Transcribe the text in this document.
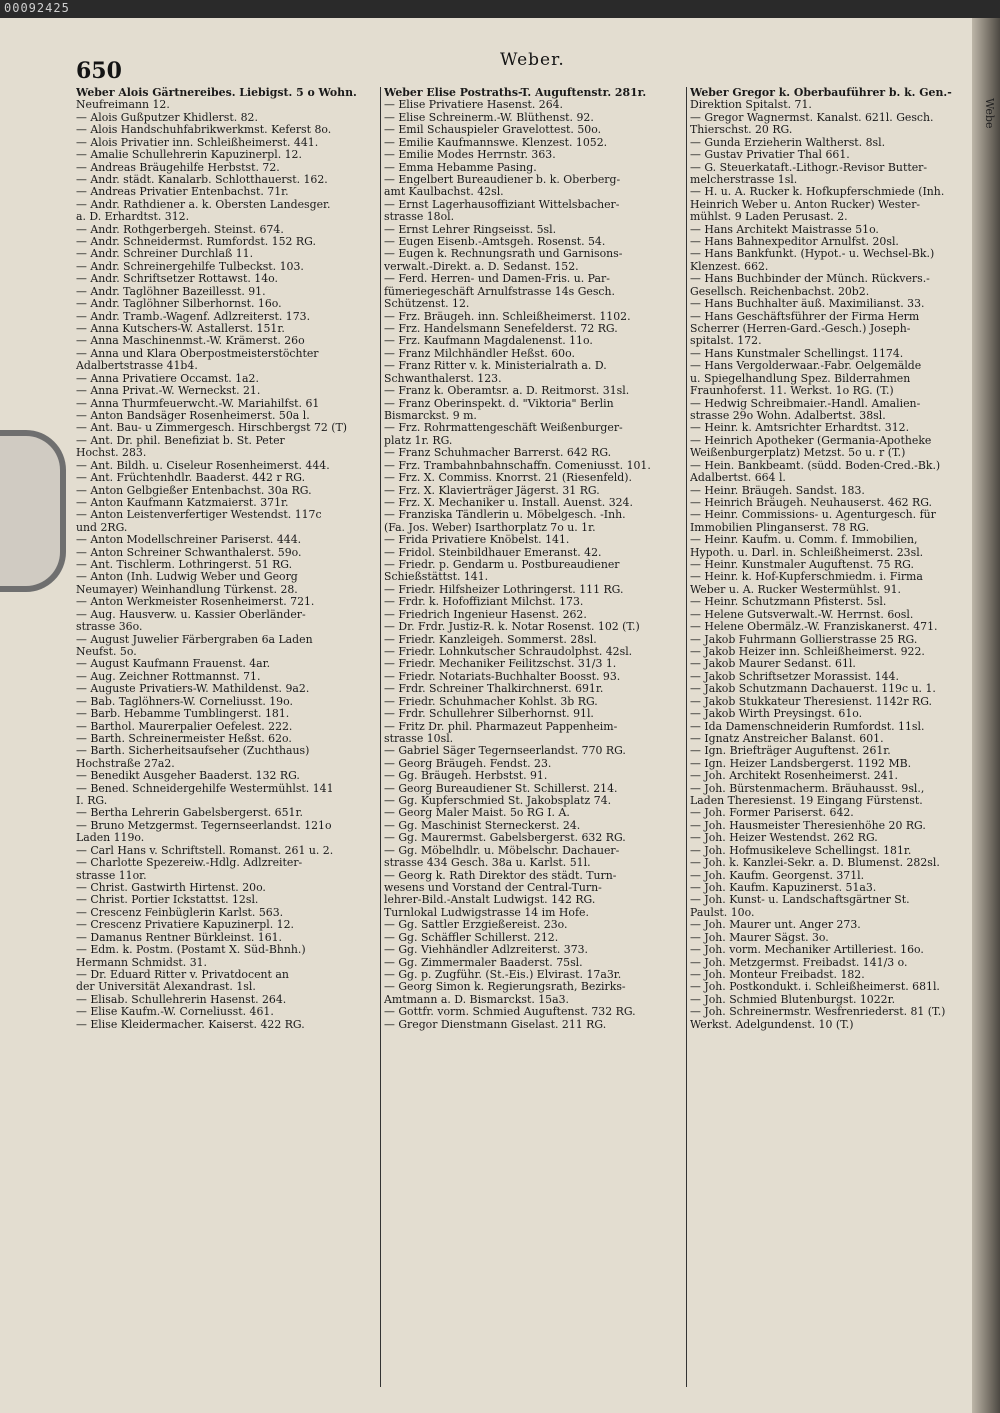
00092425
Webe
650	Weber.
Weber Alois Gärtnereibes. Liebigst. 5 o Wohn.
Neufreimann 12.
— Alois Gußputzer Khidlerst. 82.
— Alois Handschuhfabrikwerkmst. Keferst 8o.
— Alois Privatier inn. Schleißheimerst. 441.
— Amalie Schullehrerin Kapuzinerpl. 12.
— Andreas Bräugehilfe Herbstst. 72.
— Andr. städt. Kanalarb. Schlotthauerst. 162.
— Andreas Privatier Entenbachst. 71r.
— Andr. Rathdiener a. k. Obersten Landesger.
a. D. Erhardtst. 312.
— Andr. Rothgerbergeh. Steinst. 674.
— Andr. Schneidermst. Rumfordst. 152 RG.
— Andr. Schreiner Durchlaß 11.
— Andr. Schreinergehilfe Tulbeckst. 103.
— Andr. Schriftsetzer Rottawst. 14o.
— Andr. Taglöhner Bazeillesst. 91.
— Andr. Taglöhner Silberhornst. 16o.
— Andr. Tramb.-Wagenf. Adlzreiterst. 173.
— Anna Kutschers-W. Astallerst. 151r.
— Anna Maschinenmst.-W. Krämerst. 26o
— Anna und Klara Oberpostmeisterstöchter
Adalbertstrasse 41b4.
— Anna Privatiere Occamst. 1a2.
— Anna Privat.-W. Werneckst. 21.
— Anna Thurmfeuerwcht.-W. Mariahilfst. 61
— Anton Bandsäger Rosenheimerst. 50a l.
— Ant. Bau- u Zimmergesch. Hirschbergst 72 (T)
— Ant. Dr. phil. Benefiziat b. St. Peter
Hochst. 283.
— Ant. Bildh. u. Ciseleur Rosenheimerst. 444.
— Ant. Früchtenhdlr. Baaderst. 442 r RG.
— Anton Gelbgießer Entenbachst. 30a RG.
— Anton Kaufmann Katzmaierst. 371r.
— Anton Leistenverfertiger Westendst. 117c
und 2RG.
— Anton Modellschreiner Pariserst. 444.
— Anton Schreiner Schwanthalerst. 59o.
— Ant. Tischlerm. Lothringerst. 51 RG.
— Anton (Inh. Ludwig Weber und Georg
Neumayer) Weinhandlung Türkenst. 28.
— Anton Werkmeister Rosenheimerst. 721.
— Aug. Hausverw. u. Kassier Oberländer-
strasse 36o.
— August Juwelier Färbergraben 6a Laden
Neufst. 5o.
— August Kaufmann Frauenst. 4ar.
— Aug. Zeichner Rottmannst. 71.
— Auguste Privatiers-W. Mathildenst. 9a2.
— Bab. Taglöhners-W. Corneliusst. 19o.
— Barb. Hebamme Tumblingerst. 181.
— Barthol. Maurerpalier Oefelest. 222.
— Barth. Schreinermeister Heßst. 62o.
— Barth. Sicherheitsaufseher (Zuchthaus)
Hochstraße 27a2.
— Benedikt Ausgeher Baaderst. 132 RG.
— Bened. Schneidergehilfe Westermühlst. 141
I. RG.
— Bertha Lehrerin Gabelsbergerst. 651r.
— Bruno Metzgermst. Tegernseerlandst. 121o
Laden 119o.
— Carl Hans v. Schriftstell. Romanst. 261 u. 2.
— Charlotte Spezereiw.-Hdlg. Adlzreiter-
strasse 11or.
— Christ. Gastwirth Hirtenst. 20o.
— Christ. Portier Ickstattst. 12sl.
— Crescenz Feinbüglerin Karlst. 563.
— Crescenz Privatiere Kapuzinerpl. 12.
— Damanus Rentner Bürkleinst. 161.
— Edm. k. Postm. (Postamt X. Süd-Bhnh.)
Hermann Schmidst. 31.
— Dr. Eduard Ritter v. Privatdocent an
der Universität Alexandrast. 1sl.
— Elisab. Schullehrerin Hasenst. 264.
— Elise Kaufm.-W. Corneliusst. 461.
— Elise Kleidermacher. Kaiserst. 422 RG.
Weber Elise Postraths-T. Auguftenstr. 281r.
— Elise Privatiere Hasenst. 264.
— Elise Schreinerm.-W. Blüthenst. 92.
— Emil Schauspieler Gravelottest. 50o.
— Emilie Kaufmannswe. Klenzest. 1052.
— Emilie Modes Herrnstr. 363.
— Emma Hebamme Pasing.
— Engelbert Bureaudiener b. k. Oberberg-
amt Kaulbachst. 42sl.
— Ernst Lagerhausoffiziant Wittelsbacher-
strasse 18ol.
— Ernst Lehrer Ringseisst. 5sl.
— Eugen Eisenb.-Amtsgeh. Rosenst. 54.
— Eugen k. Rechnungsrath und Garnisons-
verwalt.-Direkt. a. D. Sedanst. 152.
— Ferd. Herren- und Damen-Fris. u. Par-
fümeriegeschäft Arnulfstrasse 14s Gesch.
Schützenst. 12.
— Frz. Bräugeh. inn. Schleißheimerst. 1102.
— Frz. Handelsmann Senefelderst. 72 RG.
— Frz. Kaufmann Magdalenenst. 11o.
— Franz Milchhändler Heßst. 60o.
— Franz Ritter v. k. Ministerialrath a. D.
Schwanthalerst. 123.
— Franz k. Oberamtsr. a. D. Reitmorst. 31sl.
— Franz Oberinspekt. d. "Viktoria" Berlin
Bismarckst. 9 m.
— Frz. Rohrmattengeschäft Weißenburger-
platz 1r. RG.
— Franz Schuhmacher Barrerst. 642 RG.
— Frz. Trambahnbahnschaffn. Comeniusst. 101.
— Frz. X. Commiss. Knorrst. 21 (Riesenfeld).
— Frz. X. Klavierträger Jägerst. 31 RG.
— Frz. X. Mechaniker u. Install. Auenst. 324.
— Franziska Tändlerin u. Möbelgesch. -Inh.
(Fa. Jos. Weber) Isarthorplatz 7o u. 1r.
— Frida Privatiere Knöbelst. 141.
— Fridol. Steinbildhauer Emeranst. 42.
— Friedr. p. Gendarm u. Postbureaudiener
Schießstättst. 141.
— Friedr. Hilfsheizer Lothringerst. 111 RG.
— Frdr. k. Hofoffiziant Milchst. 173.
— Friedrich Ingenieur Hasenst. 262.
— Dr. Frdr. Justiz-R. k. Notar Rosenst. 102 (T.)
— Friedr. Kanzleigeh. Sommerst. 28sl.
— Friedr. Lohnkutscher Schraudolphst. 42sl.
— Friedr. Mechaniker Feilitzschst. 31/3 1.
— Friedr. Notariats-Buchhalter Boosst. 93.
— Frdr. Schreiner Thalkirchnerst. 691r.
— Friedr. Schuhmacher Kohlst. 3b RG.
— Frdr. Schullehrer Silberhornst. 91l.
— Fritz Dr. phil. Pharmazeut Pappenheim-
strasse 10sl.
— Gabriel Säger Tegernseerlandst. 770 RG.
— Georg Bräugeh. Fendst. 23.
— Gg. Bräugeh. Herbstst. 91.
— Georg Bureaudiener St. Schillerst. 214.
— Gg. Kupferschmied St. Jakobsplatz 74.
— Georg Maler Maist. 5o RG I. A.
— Gg. Maschinist Sterneckerst. 24.
— Gg. Maurermst. Gabelsbergerst. 632 RG.
— Gg. Möbelhdlr. u. Möbelschr. Dachauer-
strasse 434 Gesch. 38a u. Karlst. 51l.
— Georg k. Rath Direktor des städt. Turn-
wesens und Vorstand der Central-Turn-
lehrer-Bild.-Anstalt Ludwigst. 142 RG.
Turnlokal Ludwigstrasse 14 im Hofe.
— Gg. Sattler Erzgießereist. 23o.
— Gg. Schäffler Schillerst. 212.
— Gg. Viehhändler Adlzreiterst. 373.
— Gg. Zimmermaler Baaderst. 75sl.
— Gg. p. Zugführ. (St.-Eis.) Elvirast. 17a3r.
— Georg Simon k. Regierungsrath, Bezirks-
Amtmann a. D. Bismarckst. 15a3.
— Gottfr. vorm. Schmied Auguftenst. 732 RG.
— Gregor Dienstmann Giselast. 211 RG.
Weber Gregor k. Oberbauführer b. k. Gen.-
Direktion Spitalst. 71.
— Gregor Wagnermst. Kanalst. 621l. Gesch.
Thierschst. 20 RG.
— Gunda Erzieherin Waltherst. 8sl.
— Gustav Privatier Thal 661.
— G. Steuerkataft.-Lithogr.-Revisor Butter-
melcherstrasse 1sl.
— H. u. A. Rucker k. Hofkupferschmiede (Inh.
Heinrich Weber u. Anton Rucker) Wester-
mühlst. 9 Laden Perusast. 2.
— Hans Architekt Maistrasse 51o.
— Hans Bahnexpeditor Arnulfst. 20sl.
— Hans Bankfunkt. (Hypot.- u. Wechsel-Bk.)
Klenzest. 662.
— Hans Buchbinder der Münch. Rückvers.-
Gesellsch. Reichenbachst. 20b2.
— Hans Buchhalter äuß. Maximilianst. 33.
— Hans Geschäftsführer der Firma Herm
Scherrer (Herren-Gard.-Gesch.) Joseph-
spitalst. 172.
— Hans Kunstmaler Schellingst. 1174.
— Hans Vergolderwaar.-Fabr. Oelgemälde
u. Spiegelhandlung Spez. Bilderrahmen
Fraunhoferst. 11. Werkst. 1o RG. (T.)
— Hedwig Schreibmaier.-Handl. Amalien-
strasse 29o Wohn. Adalbertst. 38sl.
— Heinr. k. Amtsrichter Erhardtst. 312.
— Heinrich Apotheker (Germania-Apotheke
Weißenburgerplatz) Metzst. 5o u. r (T.)
— Hein. Bankbeamt. (südd. Boden-Cred.-Bk.)
Adalbertst. 664 l.
— Heinr. Bräugeh. Sandst. 183.
— Heinrich Bräugeh. Neuhauserst. 462 RG.
— Heinr. Commissions- u. Agenturgesch. für
Immobilien Plinganserst. 78 RG.
— Heinr. Kaufm. u. Comm. f. Immobilien,
Hypoth. u. Darl. in. Schleißheimerst. 23sl.
— Heinr. Kunstmaler Auguftenst. 75 RG.
— Heinr. k. Hof-Kupferschmiedm. i. Firma
Weber u. A. Rucker Westermühlst. 91.
— Heinr. Schutzmann Pfisterst. 5sl.
— Helene Gutsverwalt.-W. Herrnst. 6osl.
— Helene Obermälz.-W. Franziskanerst. 471.
— Jakob Fuhrmann Gollierstrasse 25 RG.
— Jakob Heizer inn. Schleißheimerst. 922.
— Jakob Maurer Sedanst. 61l.
— Jakob Schriftsetzer Morassist. 144.
— Jakob Schutzmann Dachauerst. 119c u. 1.
— Jakob Stukkateur Theresienst. 1142r RG.
— Jakob Wirth Preysingst. 61o.
— Ida Damenschneiderin Rumfordst. 11sl.
— Ignatz Anstreicher Balanst. 601.
— Ign. Briefträger Auguftenst. 261r.
— Ign. Heizer Landsbergerst. 1192 MB.
— Joh. Architekt Rosenheimerst. 241.
— Joh. Bürstenmacherm. Bräuhausst. 9sl.,
Laden Theresienst. 19 Eingang Fürstenst.
— Joh. Former Pariserst. 642.
— Joh. Hausmeister Theresienhöhe 20 RG.
— Joh. Heizer Westendst. 262 RG.
— Joh. Hofmusikeleve Schellingst. 181r.
— Joh. k. Kanzlei-Sekr. a. D. Blumenst. 282sl.
— Joh. Kaufm. Georgenst. 371l.
— Joh. Kaufm. Kapuzinerst. 51a3.
— Joh. Kunst- u. Landschaftsgärtner St.
Paulst. 10o.
— Joh. Maurer unt. Anger 273.
— Joh. Maurer Sägst. 3o.
— Joh. vorm. Mechaniker Artilleriest. 16o.
— Joh. Metzgermst. Freibadst. 141/3 o.
— Joh. Monteur Freibadst. 182.
— Joh. Postkondukt. i. Schleißheimerst. 681l.
— Joh. Schmied Blutenburgst. 1022r.
— Joh. Schreinermstr. Wesfrenriederst. 81 (T.)
Werkst. Adelgundenst. 10 (T.)
